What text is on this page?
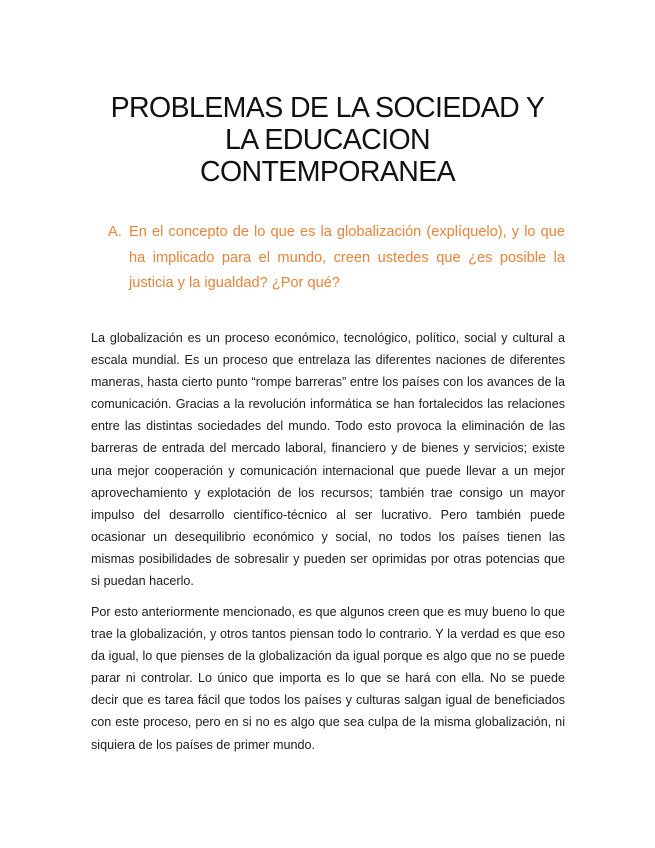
PROBLEMAS DE LA SOCIEDAD Y
LA EDUCACION
CONTEMPORANEA
A. En el concepto de lo que es la globalización (explíquelo), y lo que ha implicado para el mundo, creen ustedes que ¿es posible la justicia y la igualdad? ¿Por qué?

La globalización es un proceso económico, tecnológico, político, social y cultural a escala mundial. Es un proceso que entrelaza las diferentes naciones de diferentes maneras, hasta cierto punto “rompe barreras” entre los países con los avances de la comunicación. Gracias a la revolución informática se han fortalecidos las relaciones entre las distintas sociedades del mundo. Todo esto provoca la eliminación de las barreras de entrada del mercado laboral, financiero y de bienes y servicios; existe una mejor cooperación y comunicación internacional que puede llevar a un mejor aprovechamiento y explotación de los recursos; también trae consigo un mayor impulso del desarrollo científico-técnico al ser lucrativo. Pero también puede ocasionar un desequilibrio económico y social, no todos los países tienen las mismas posibilidades de sobresalir y pueden ser oprimidas por otras potencias que si puedan hacerlo.

Por esto anteriormente mencionado, es que algunos creen que es muy bueno lo que trae la globalización, y otros tantos piensan todo lo contrario. Y la verdad es que eso da igual, lo que pienses de la globalización da igual porque es algo que no se puede parar ni controlar. Lo único que importa es lo que se hará con ella. No se puede decir que es tarea fácil que todos los países y culturas salgan igual de beneficiados con este proceso, pero en si no es algo que sea culpa de la misma globalización, ni siquiera de los países de primer mundo.
